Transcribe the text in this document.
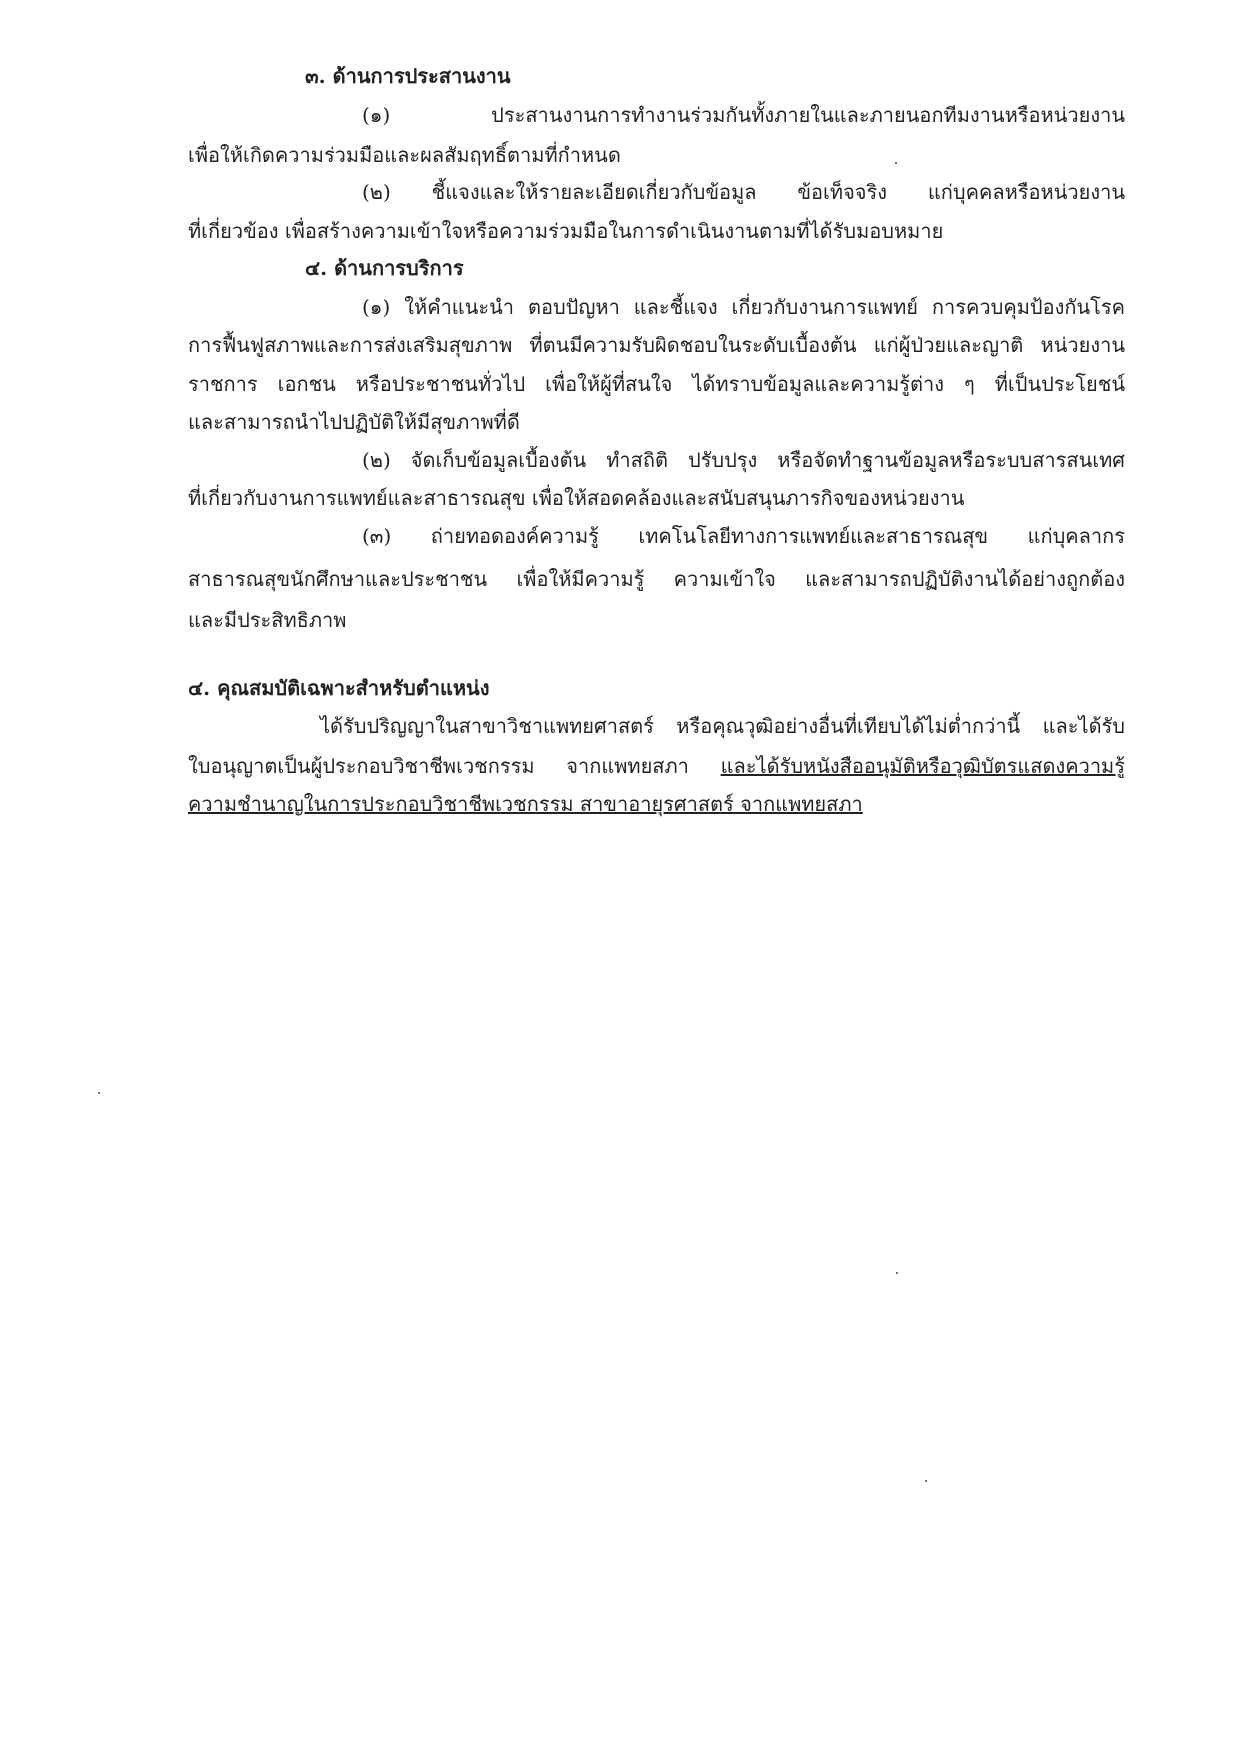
๓. ด้านการประสานงาน
(๑) ประสานงานการทำงานร่วมกันทั้งภายในและภายนอกทีมงานหรือหน่วยงาน
เพื่อให้เกิดความร่วมมือและผลสัมฤทธิ์ตามที่กำหนด
(๒) ชี้แจงและให้รายละเอียดเกี่ยวกับข้อมูล ข้อเท็จจริง แก่บุคคลหรือหน่วยงาน
ที่เกี่ยวข้อง เพื่อสร้างความเข้าใจหรือความร่วมมือในการดำเนินงานตามที่ได้รับมอบหมาย
๔. ด้านการบริการ
(๑) ให้คำแนะนำ ตอบปัญหา และชี้แจง เกี่ยวกับงานการแพทย์ การควบคุมป้องกันโรค
การฟื้นฟูสภาพและการส่งเสริมสุขภาพ ที่ตนมีความรับผิดชอบในระดับเบื้องต้น แก่ผู้ป่วยและญาติ หน่วยงาน
ราชการ เอกชน หรือประชาชนทั่วไป เพื่อให้ผู้ที่สนใจ ได้ทราบข้อมูลและความรู้ต่าง ๆ ที่เป็นประโยชน์
และสามารถนำไปปฏิบัติให้มีสุขภาพที่ดี
(๒) จัดเก็บข้อมูลเบื้องต้น ทำสถิติ ปรับปรุง หรือจัดทำฐานข้อมูลหรือระบบสารสนเทศ
ที่เกี่ยวกับงานการแพทย์และสาธารณสุข เพื่อให้สอดคล้องและสนับสนุนภารกิจของหน่วยงาน
(๓) ถ่ายทอดองค์ความรู้ เทคโนโลยีทางการแพทย์และสาธารณสุข แก่บุคลากร
สาธารณสุขนักศึกษาและประชาชน เพื่อให้มีความรู้ ความเข้าใจ และสามารถปฏิบัติงานได้อย่างถูกต้อง
และมีประสิทธิภาพ
๔. คุณสมบัติเฉพาะสำหรับตำแหน่ง
ได้รับปริญญาในสาขาวิชาแพทยศาสตร์ หรือคุณวุฒิอย่างอื่นที่เทียบได้ไม่ต่ำกว่านี้ และได้รับ
ใบอนุญาตเป็นผู้ประกอบวิชาชีพเวชกรรม จากแพทยสภา และได้รับหนังสืออนุมัติหรือวุฒิบัตรแสดงความรู้
ความชำนาญในการประกอบวิชาชีพเวชกรรม สาขาอายุรศาสตร์ จากแพทยสภา
